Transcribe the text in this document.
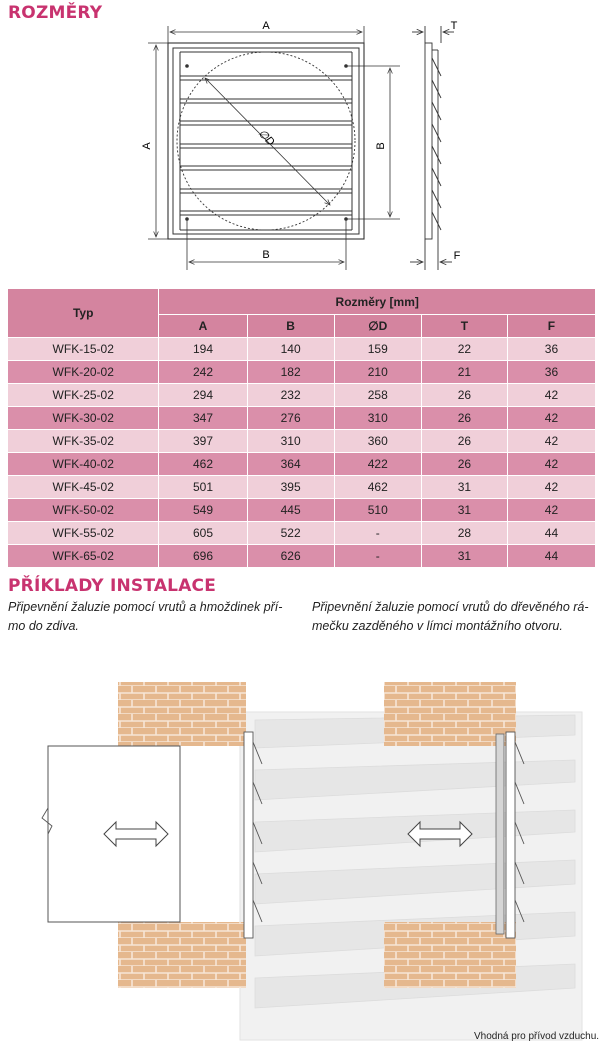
ROZMĚRY
A
A	B
B
∅D
T
F
Typ	Rozměry [mm]				
	A	B	∅D	T	F
WFK-15-02	194	140	159	22	36
WFK-20-02	242	182	210	21	36
WFK-25-02	294	232	258	26	42
WFK-30-02	347	276	310	26	42
WFK-35-02	397	310	360	26	42
WFK-40-02	462	364	422	26	42
WFK-45-02	501	395	462	31	42
WFK-50-02	549	445	510	31	42
WFK-55-02	605	522	-	28	44
WFK-65-02	696	626	-	31	44
PŘÍKLADY INSTALACE
Připevnění žaluzie pomocí vrutů a hmoždinek pří-
mo do zdiva.
Připevnění žaluzie pomocí vrutů do dřevěného rá-
mečku zazděného v límci montážního otvoru.
Vhodná pro přívod vzduchu.
